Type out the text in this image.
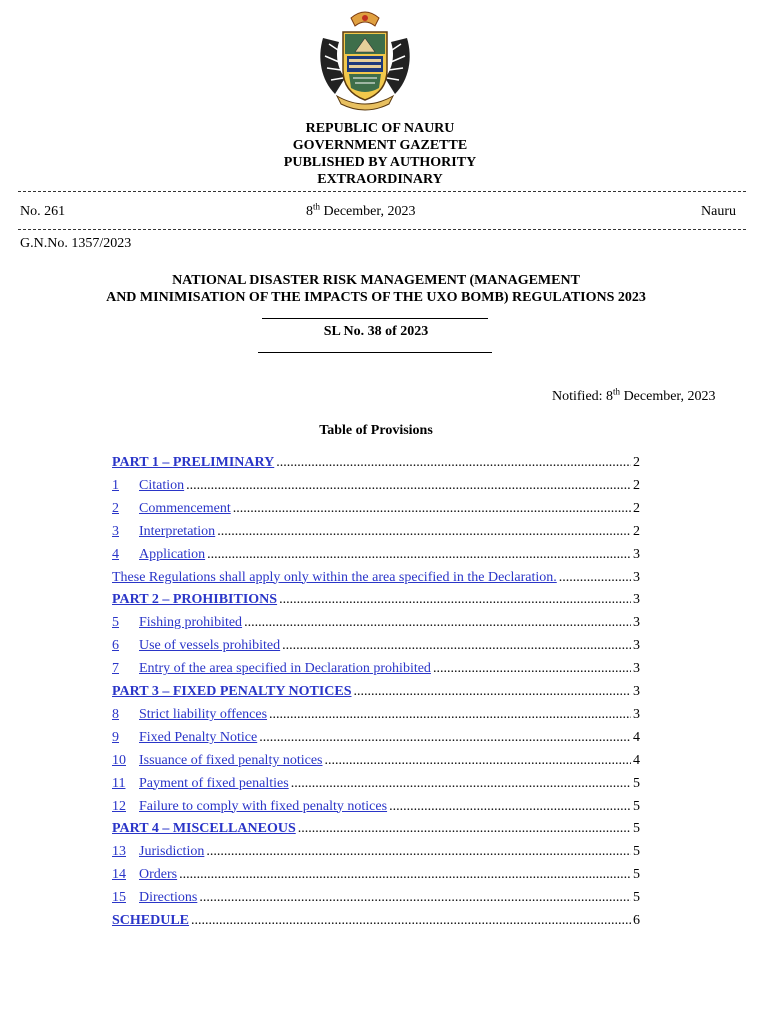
REPUBLIC OF NAURU
GOVERNMENT GAZETTE
PUBLISHED BY AUTHORITY
EXTRAORDINARY
No. 261	8th December, 2023	Nauru
G.N.No. 1357/2023
NATIONAL DISASTER RISK MANAGEMENT (MANAGEMENT
AND MINIMISATION OF THE IMPACTS OF THE UXO BOMB) REGULATIONS 2023
SL No. 38 of 2023
Notified: 8th December, 2023
Table of Provisions
PART 1 – PRELIMINARY .....	2
1	Citation .....	2
2	Commencement .....	2
3	Interpretation .....	2
4	Application .....	3
These Regulations shall apply only within the area specified in the Declaration. .....	3
PART 2 – PROHIBITIONS .....	3
5	Fishing prohibited .....	3
6	Use of vessels prohibited .....	3
7	Entry of the area specified in Declaration prohibited .....	3
PART 3 – FIXED PENALTY NOTICES .....	3
8	Strict liability offences .....	3
9	Fixed Penalty Notice .....	4
10 Issuance of fixed penalty notices .....	4
11 Payment of fixed penalties .....	5
12 Failure to comply with fixed penalty notices .....	5
PART 4 – MISCELLANEOUS .....	5
13 Jurisdiction .....	5
14 Orders .....	5
15 Directions .....	5
SCHEDULE .....	6
